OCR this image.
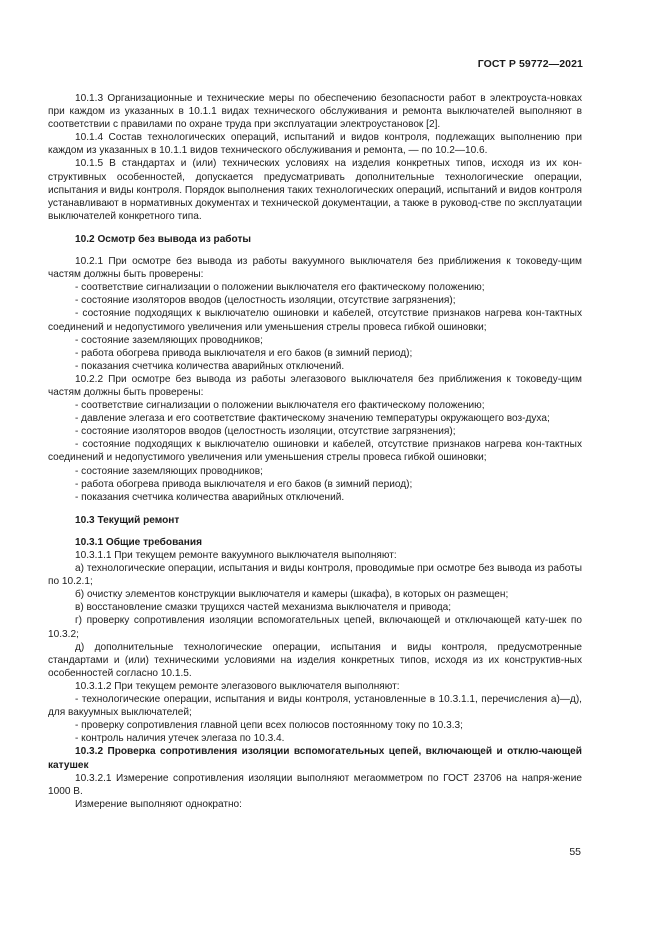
ГОСТ Р 59772—2021

10.1.3 Организационные и технические меры по обеспечению безопасности работ в электроуста-новках при каждом из указанных в 10.1.1 видах технического обслуживания и ремонта выключателей выполняют в соответствии с правилами по охране труда при эксплуатации электроустановок [2].

10.1.4 Состав технологических операций, испытаний и видов контроля, подлежащих выполнению при каждом из указанных в 10.1.1 видов технического обслуживания и ремонта, — по 10.2—10.6.

10.1.5 В стандартах и (или) технических условиях на изделия конкретных типов, исходя из их кон-структивных особенностей, допускается предусматривать дополнительные технологические операции, испытания и виды контроля. Порядок выполнения таких технологических операций, испытаний и видов контроля устанавливают в нормативных документах и технической документации, а также в руковод-стве по эксплуатации выключателей конкретного типа.

10.2 Осмотр без вывода из работы

10.2.1 При осмотре без вывода из работы вакуумного выключателя без приближения к токоведу-щим частям должны быть проверены:

- соответствие сигнализации о положении выключателя его фактическому положению;

- состояние изоляторов вводов (целостность изоляции, отсутствие загрязнения);

- состояние подходящих к выключателю ошиновки и кабелей, отсутствие признаков нагрева кон-тактных соединений и недопустимого увеличения или уменьшения стрелы провеса гибкой ошиновки;

- состояние заземляющих проводников;

- работа обогрева привода выключателя и его баков (в зимний период);

- показания счетчика количества аварийных отключений.

10.2.2 При осмотре без вывода из работы элегазового выключателя без приближения к токоведу-щим частям должны быть проверены:

- соответствие сигнализации о положении выключателя его фактическому положению;

- давление элегаза и его соответствие фактическому значению температуры окружающего воз-духа;

- состояние изоляторов вводов (целостность изоляции, отсутствие загрязнения);

- состояние подходящих к выключателю ошиновки и кабелей, отсутствие признаков нагрева кон-тактных соединений и недопустимого увеличения или уменьшения стрелы провеса гибкой ошиновки;

- состояние заземляющих проводников;

- работа обогрева привода выключателя и его баков (в зимний период);

- показания счетчика количества аварийных отключений.

10.3 Текущий ремонт

10.3.1 Общие требования

10.3.1.1 При текущем ремонте вакуумного выключателя выполняют:

а) технологические операции, испытания и виды контроля, проводимые при осмотре без вывода из работы по 10.2.1;

б) очистку элементов конструкции выключателя и камеры (шкафа), в которых он размещен;

в) восстановление смазки трущихся частей механизма выключателя и привода;

г) проверку сопротивления изоляции вспомогательных цепей, включающей и отключающей кату-шек по 10.3.2;

д) дополнительные технологические операции, испытания и виды контроля, предусмотренные стандартами и (или) техническими условиями на изделия конкретных типов, исходя из их конструктив-ных особенностей согласно 10.1.5.

10.3.1.2 При текущем ремонте элегазового выключателя выполняют:

- технологические операции, испытания и виды контроля, установленные в 10.3.1.1, перечисления а)—д), для вакуумных выключателей;

- проверку сопротивления главной цепи всех полюсов постоянному току по 10.3.3;

- контроль наличия утечек элегаза по 10.3.4.

10.3.2 Проверка сопротивления изоляции вспомогательных цепей, включающей и отклю-чающей катушек

10.3.2.1 Измерение сопротивления изоляции выполняют мегаомметром по ГОСТ 23706 на напря-жение 1000 В.

Измерение выполняют однократно:

55
